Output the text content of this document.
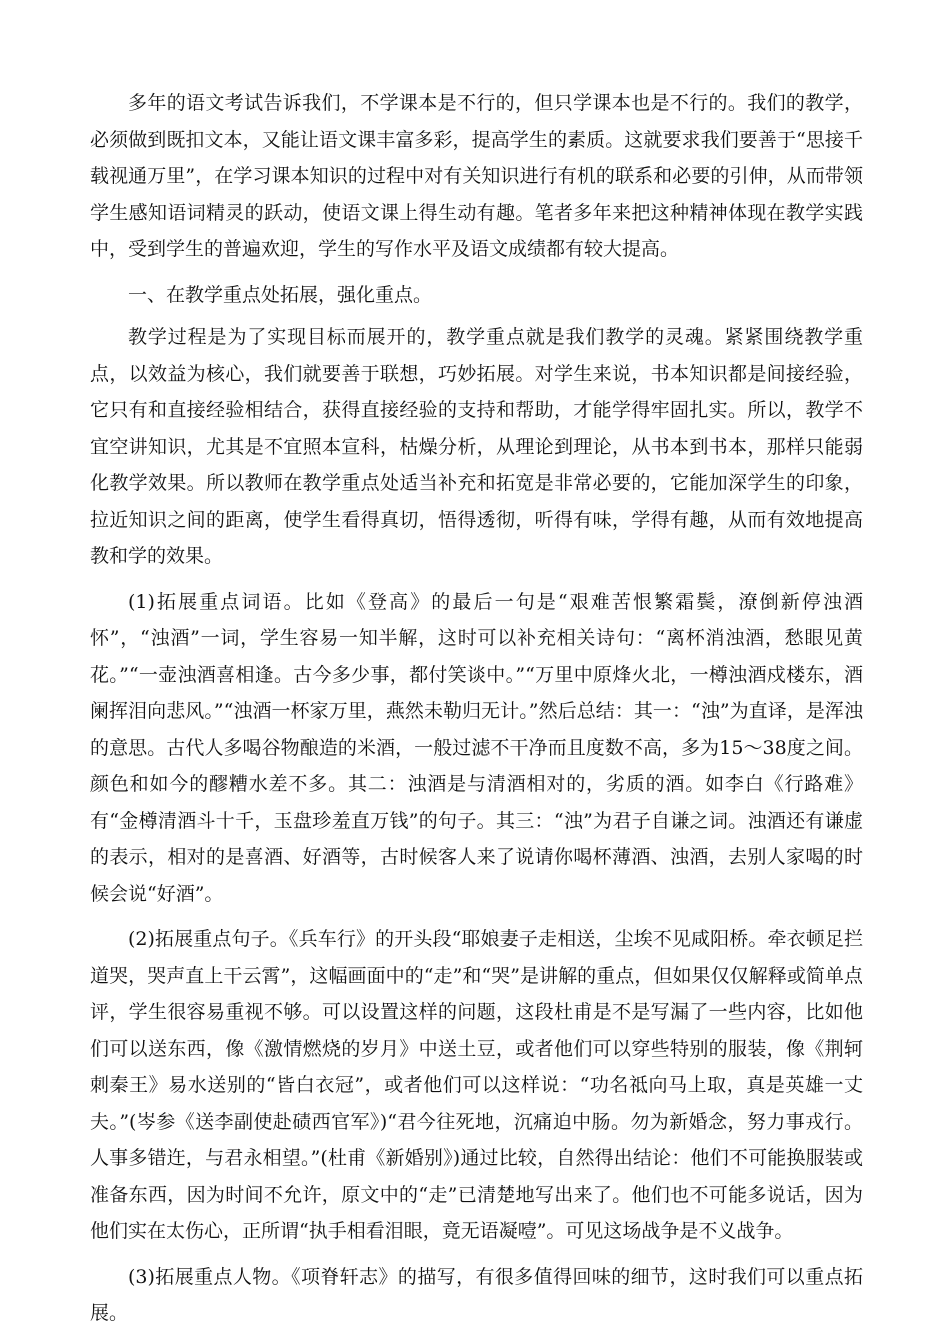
多年的语文考试告诉我们，不学课本是不行的，但只学课本也是不行的。我们的教学，必须做到既扣文本，又能让语文课丰富多彩，提高学生的素质。这就要求我们要善于“思接千载视通万里”，在学习课本知识的过程中对有关知识进行有机的联系和必要的引伸，从而带领学生感知语词精灵的跃动，使语文课上得生动有趣。笔者多年来把这种精神体现在教学实践中，受到学生的普遍欢迎，学生的写作水平及语文成绩都有较大提高。

一、在教学重点处拓展，强化重点。

教学过程是为了实现目标而展开的，教学重点就是我们教学的灵魂。紧紧围绕教学重点，以效益为核心，我们就要善于联想，巧妙拓展。对学生来说，书本知识都是间接经验，它只有和直接经验相结合，获得直接经验的支持和帮助，才能学得牢固扎实。所以，教学不宜空讲知识，尤其是不宜照本宣科，枯燥分析，从理论到理论，从书本到书本，那样只能弱化教学效果。所以教师在教学重点处适当补充和拓宽是非常必要的，它能加深学生的印象，拉近知识之间的距离，使学生看得真切，悟得透彻，听得有味，学得有趣，从而有效地提高教和学的效果。

(1)拓展重点词语。比如《登高》的最后一句是“艰难苦恨繁霜鬓，潦倒新停浊酒怀”，“浊酒”一词，学生容易一知半解，这时可以补充相关诗句：“离杯消浊酒，愁眼见黄花。”“一壶浊酒喜相逢。古今多少事，都付笑谈中。”“万里中原烽火北，一樽浊酒戍楼东，酒阑挥泪向悲风。”“浊酒一杯家万里，燕然未勒归无计。”然后总结：其一：“浊”为直译，是浑浊的意思。古代人多喝谷物酿造的米酒，一般过滤不干净而且度数不高，多为15～38度之间。颜色和如今的醪糟水差不多。其二：浊酒是与清酒相对的，劣质的酒。如李白《行路难》有“金樽清酒斗十千，玉盘珍羞直万钱”的句子。其三：“浊”为君子自谦之词。浊酒还有谦虚的表示，相对的是喜酒、好酒等，古时候客人来了说请你喝杯薄酒、浊酒，去别人家喝的时候会说“好酒”。

(2)拓展重点句子。《兵车行》的开头段“耶娘妻子走相送，尘埃不见咸阳桥。牵衣顿足拦道哭，哭声直上干云霄”，这幅画面中的“走”和“哭”是讲解的重点，但如果仅仅解释或简单点评，学生很容易重视不够。可以设置这样的问题，这段杜甫是不是写漏了一些内容，比如他们可以送东西，像《激情燃烧的岁月》中送土豆，或者他们可以穿些特别的服装，像《荆轲刺秦王》易水送别的“皆白衣冠”，或者他们可以这样说：“功名祗向马上取，真是英雄一丈夫。”(岑参《送李副使赴碛西官军》)“君今往死地，沉痛迫中肠。勿为新婚念，努力事戎行。人事多错迕，与君永相望。”(杜甫《新婚别》)通过比较，自然得出结论：他们不可能换服装或准备东西，因为时间不允许，原文中的“走”已清楚地写出来了。他们也不可能多说话，因为他们实在太伤心，正所谓“执手相看泪眼，竟无语凝噎”。可见这场战争是不义战争。

(3)拓展重点人物。《项脊轩志》的描写，有很多值得回味的细节，这时我们可以重点拓展。
